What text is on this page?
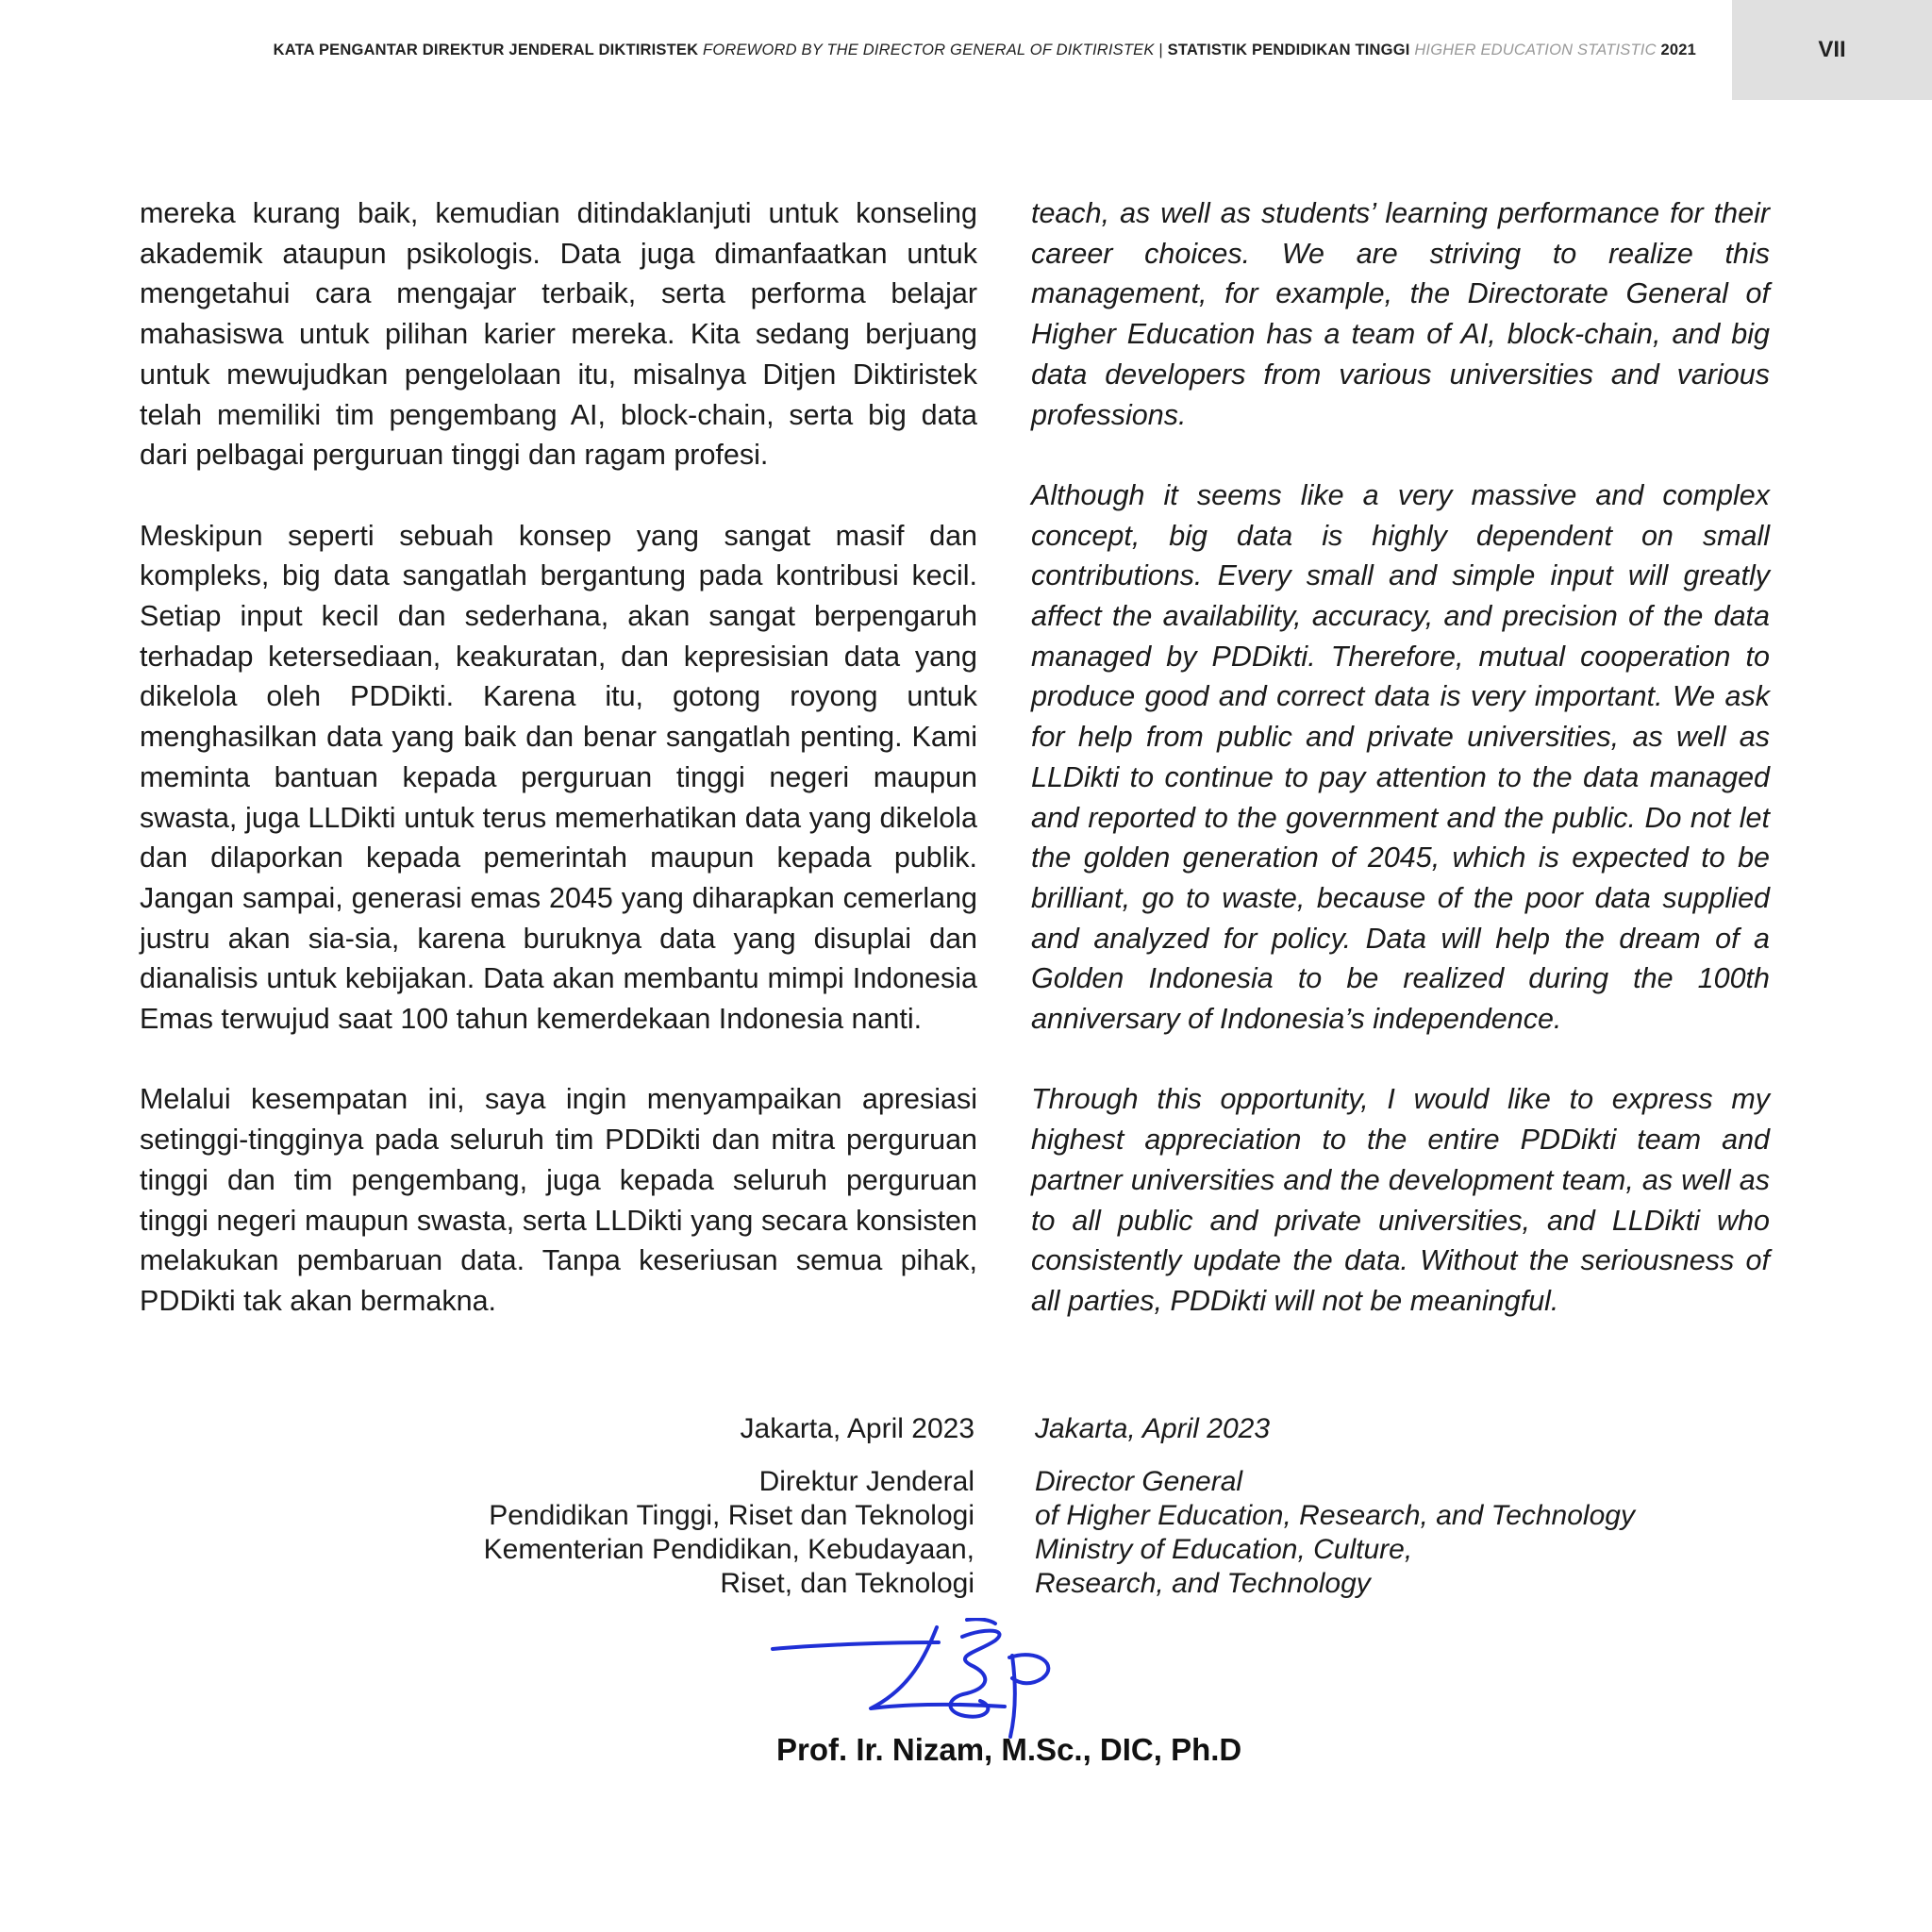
KATA PENGANTAR DIREKTUR JENDERAL DIKTIRISTEK FOREWORD BY THE DIRECTOR GENERAL OF DIKTIRISTEK | STATISTIK PENDIDIKAN TINGGI HIGHER EDUCATION STATISTIC 2021	VII

mereka kurang baik, kemudian ditindaklanjuti untuk konseling akademik ataupun psikologis. Data juga dimanfaatkan untuk mengetahui cara mengajar terbaik, serta performa belajar mahasiswa untuk pilihan karier mereka. Kita sedang berjuang untuk mewujudkan pengelolaan itu, misalnya Ditjen Diktiristek telah memiliki tim pengembang AI, block-chain, serta big data dari pelbagai perguruan tinggi dan ragam profesi.

Meskipun seperti sebuah konsep yang sangat masif dan kompleks, big data sangatlah bergantung pada kontribusi kecil. Setiap input kecil dan sederhana, akan sangat berpengaruh terhadap ketersediaan, keakuratan, dan kepresisian data yang dikelola oleh PDDikti. Karena itu, gotong royong untuk menghasilkan data yang baik dan benar sangatlah penting. Kami meminta bantuan kepada perguruan tinggi negeri maupun swasta, juga LLDikti untuk terus memerhatikan data yang dikelola dan dilaporkan kepada pemerintah maupun kepada publik. Jangan sampai, generasi emas 2045 yang diharapkan cemerlang justru akan sia-sia, karena buruknya data yang disuplai dan dianalisis untuk kebijakan. Data akan membantu mimpi Indonesia Emas terwujud saat 100 tahun kemerdekaan Indonesia nanti.

Melalui kesempatan ini, saya ingin menyampaikan apresiasi setinggi-tingginya pada seluruh tim PDDikti dan mitra perguruan tinggi dan tim pengembang, juga kepada seluruh perguruan tinggi negeri maupun swasta, serta LLDikti yang secara konsisten melakukan pembaruan data. Tanpa keseriusan semua pihak, PDDikti tak akan bermakna.

teach, as well as students’ learning performance for their career choices. We are striving to realize this management, for example, the Directorate General of Higher Education has a team of AI, block-chain, and big data developers from various universities and various professions.

Although it seems like a very massive and complex concept, big data is highly dependent on small contributions. Every small and simple input will greatly affect the availability, accuracy, and precision of the data managed by PDDikti. Therefore, mutual cooperation to produce good and correct data is very important. We ask for help from public and private universities, as well as LLDikti to continue to pay attention to the data managed and reported to the government and the public. Do not let the golden generation of 2045, which is expected to be brilliant, go to waste, because of the poor data supplied and analyzed for policy. Data will help the dream of a Golden Indonesia to be realized during the 100th anniversary of Indonesia’s independence.

Through this opportunity, I would like to express my highest appreciation to the entire PDDikti team and partner universities and the development team, as well as to all public and private universities, and LLDikti who consistently update the data. Without the seriousness of all parties, PDDikti will not be meaningful.

Jakarta, April 2023
Direktur Jenderal
Pendidikan Tinggi, Riset dan Teknologi
Kementerian Pendidikan, Kebudayaan,
Riset, dan Teknologi
Jakarta, April 2023
Director General
of Higher Education, Research, and Technology
Ministry of Education, Culture,
Research, and Technology
Prof. Ir. Nizam, M.Sc., DIC, Ph.D
